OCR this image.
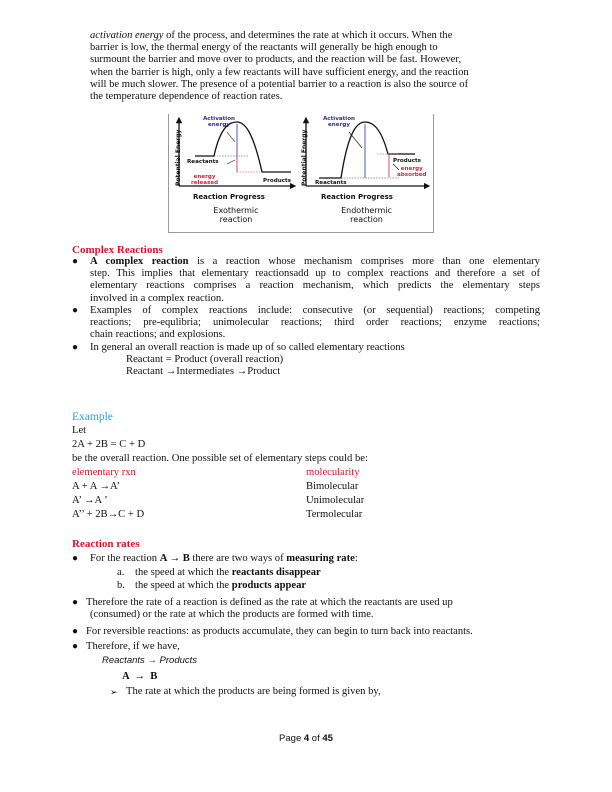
activation energy of the process, and determines the rate at which it occurs. When the
barrier is low, the thermal energy of the reactants will generally be high enough to
surmount the barrier and move over to products, and the reaction will be fast. However,
when the barrier is high, only a few reactants will have sufficient energy, and the reaction
will be much slower. The presence of a potential barrier to a reaction is also the source of
the temperature dependence of reaction rates.
Activation
energy
Reactants
energy
released	Products
Potential Energy
Reaction Progress
Exothermic
reaction
Activation
energy
Products
energy
absorbed
Reactants
Potential Energy
Reaction Progress
Endothermic
reaction
Complex Reactions
● A complex reaction is a reaction whose mechanism comprises more than one elementary
step. This implies that elementary reactionsadd up to complex reactions and therefore a set of
elementary reactions comprises a reaction mechanism, which predicts the elementary steps
involved in a complex reaction.
● Examples of complex reactions include: consecutive (or sequential) reactions; competing
reactions; pre-equlibria; unimolecular reactions; third order reactions; enzyme reactions;
chain reactions; and explosions.
● In general an overall reaction is made up of so called elementary reactions
Reactant = Product (overall reaction)
Reactant →Intermediates →Product
Example
Let
2A + 2B = C + D
be the overall reaction. One possible set of elementary steps could be:
elementary rxn	molecularity
A + A →A’	Bimolecular
A’ →A ’	Unimolecular
A’’ + 2B→C + D	Termolecular
Reaction rates
● For the reaction A → B there are two ways of measuring rate:
a. the speed at which the reactants disappear
b. the speed at which the products appear
● Therefore the rate of a reaction is defined as the rate at which the reactants are used up
(consumed) or the rate at which the products are formed with time.
● For reversible reactions: as products accumulate, they can begin to turn back into reactants.
● Therefore, if we have,
Reactants → Products
A  →  B
➢ The rate at which the products are being formed is given by,
Page 4 of 45
